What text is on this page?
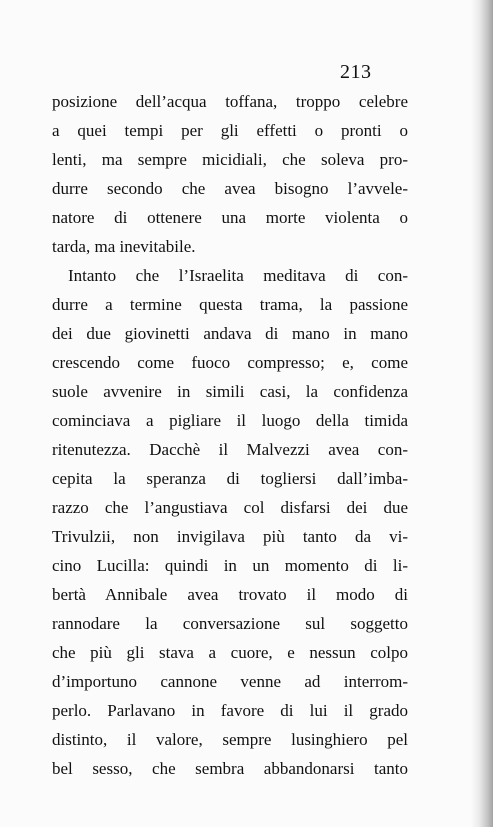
213
posizione dell’acqua toffana, troppo celebre
a quei tempi per gli effetti o pronti o
lenti, ma sempre micidiali, che soleva pro-
durre secondo che avea bisogno l’avvele-
natore di ottenere una morte violenta o
tarda, ma inevitabile.
Intanto che l’Israelita meditava di con-
durre a termine questa trama, la passione
dei due giovinetti andava di mano in mano
crescendo come fuoco compresso; e, come
suole avvenire in simili casi, la confidenza
cominciava a pigliare il luogo della timida
ritenutezza. Dacchè il Malvezzi avea con-
cepita la speranza di togliersi dall’imba-
razzo che l’angustiava col disfarsi dei due
Trivulzii, non invigilava più tanto da vi-
cino Lucilla: quindi in un momento di li-
bertà Annibale avea trovato il modo di
rannodare la conversazione sul soggetto
che più gli stava a cuore, e nessun colpo
d’importuno cannone venne ad interrom-
perlo. Parlavano in favore di lui il grado
distinto, il valore, sempre lusinghiero pel
bel sesso, che sembra abbandonarsi tanto
